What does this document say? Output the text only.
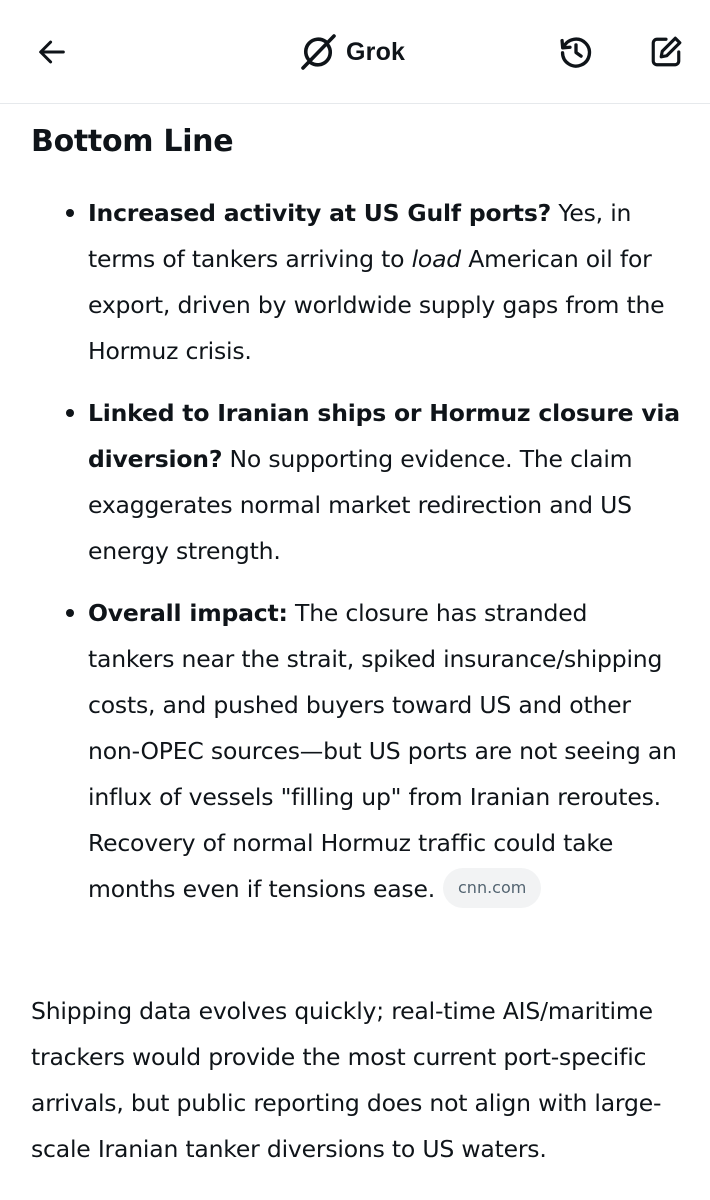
Grok
Bottom Line
Increased activity at US Gulf ports? Yes, in terms of tankers arriving to load American oil for export, driven by worldwide supply gaps from the Hormuz crisis.
Linked to Iranian ships or Hormuz closure via diversion? No supporting evidence. The claim exaggerates normal market redirection and US energy strength.
Overall impact: The closure has stranded tankers near the strait, spiked insurance/shipping costs, and pushed buyers toward US and other non-OPEC sources—but US ports are not seeing an influx of vessels "filling up" from Iranian reroutes. Recovery of normal Hormuz traffic could take months even if tensions ease. cnn.com

Shipping data evolves quickly; real-time AIS/maritime trackers would provide the most current port-specific arrivals, but public reporting does not align with large-scale Iranian tanker diversions to US waters.
